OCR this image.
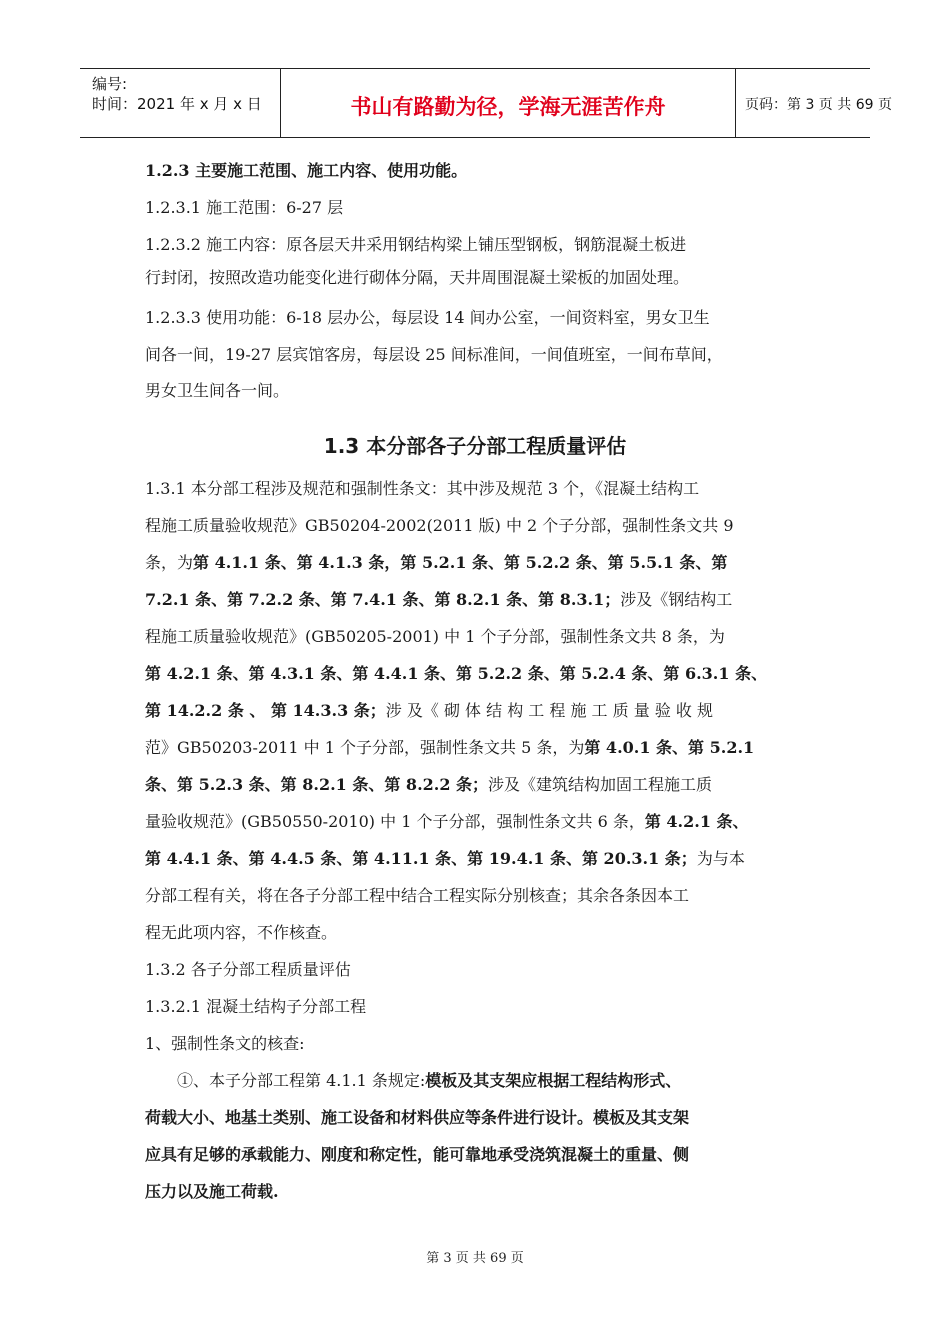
编号:
时间：2021 年 x 月 x 日	书山有路勤为径，学海无涯苦作舟	页码：第 3 页 共 69 页
1.2.3 主要施工范围、施工内容、使用功能。
1.2.3.1 施工范围：6-27 层
1.2.3.2 施工内容：原各层天井采用钢结构梁上铺压型钢板，钢筋混凝土板进
行封闭，按照改造功能变化进行砌体分隔，天井周围混凝土梁板的加固处理。
1.2.3.3 使用功能：6-18 层办公，每层设 14 间办公室，一间资料室，男女卫生
间各一间，19-27 层宾馆客房，每层设 25 间标准间，一间值班室，一间布草间，
男女卫生间各一间。
1.3 本分部各子分部工程质量评估
1.3.1 本分部工程涉及规范和强制性条文：其中涉及规范 3 个，《混凝土结构工
程施工质量验收规范》GB50204-2002(2011 版) 中 2 个子分部，强制性条文共 9
条，为第 4.1.1 条、第 4.1.3 条，第 5.2.1 条、第 5.2.2 条、第 5.5.1 条、第
7.2.1 条、第 7.2.2 条、第 7.4.1 条、第 8.2.1 条、第 8.3.1；涉及《钢结构工
程施工质量验收规范》(GB50205-2001) 中 1 个子分部，强制性条文共 8 条，为
第 4.2.1 条、第 4.3.1 条、第 4.4.1 条、第 5.2.2 条、第 5.2.4 条、第 6.3.1 条、
第 14.2.2 条 、 第 14.3.3 条；涉 及《 砌 体 结 构 工 程 施 工 质 量 验 收 规
范》GB50203-2011 中 1 个子分部，强制性条文共 5 条，为第 4.0.1 条、第 5.2.1
条、第 5.2.3 条、第 8.2.1 条、第 8.2.2 条；涉及《建筑结构加固工程施工质
量验收规范》(GB50550-2010) 中 1 个子分部，强制性条文共 6 条，第 4.2.1 条、
第 4.4.1 条、第 4.4.5 条、第 4.11.1 条、第 19.4.1 条、第 20.3.1 条；为与本
分部工程有关，将在各子分部工程中结合工程实际分别核查；其余各条因本工
程无此项内容，不作核查。
1.3.2 各子分部工程质量评估
1.3.2.1 混凝土结构子分部工程
1、强制性条文的核查:
①、本子分部工程第 4.1.1 条规定:模板及其支架应根据工程结构形式、
荷载大小、地基土类别、施工设备和材料供应等条件进行设计。模板及其支架
应具有足够的承载能力、刚度和称定性，能可靠地承受浇筑混凝土的重量、侧
压力以及施工荷载.
第 3 页 共 69 页
